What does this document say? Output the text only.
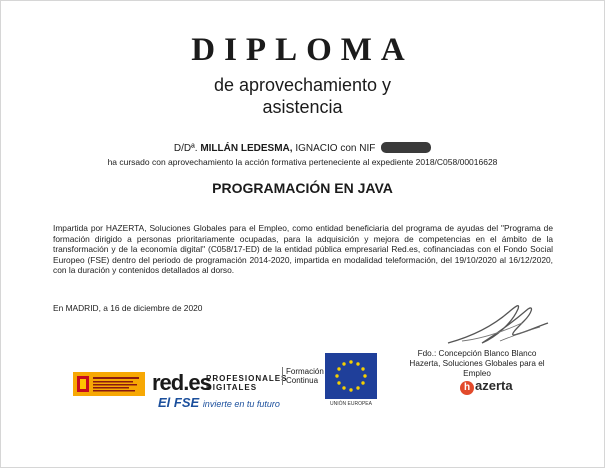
DIPLOMA
de aprovechamiento y
asistencia
D/Dª. MILLÁN LEDESMA, IGNACIO con NIF
ha cursado con aprovechamiento la acción formativa perteneciente al expediente 2018/C058/00016628
PROGRAMACIÓN EN JAVA
Impartida por HAZERTA, Soluciones Globales para el Empleo, como entidad beneficiaria del programa de ayudas del "Programa de formación dirigido a personas prioritariamente ocupadas, para la adquisición y mejora de competencias en el ámbito de la transformación y de la economía digital" (C058/17-ED) de la entidad pública empresarial Red.es, cofinanciadas con el Fondo Social Europeo (FSE) dentro del periodo de programación 2014-2020, impartida en modalidad teleformación, del 19/10/2020 al 16/12/2020, con la duración y contenidos detallados al dorso.
En MADRID, a 16 de diciembre de 2020
Fdo.: Concepción Blanco Blanco
Hazerta, Soluciones Globales para el
Empleo
red.es
PROFESIONALES
DIGITALES
Formación
Continua
El FSE invierte en tu futuro	UNIÓN EUROPEA
h azerta
